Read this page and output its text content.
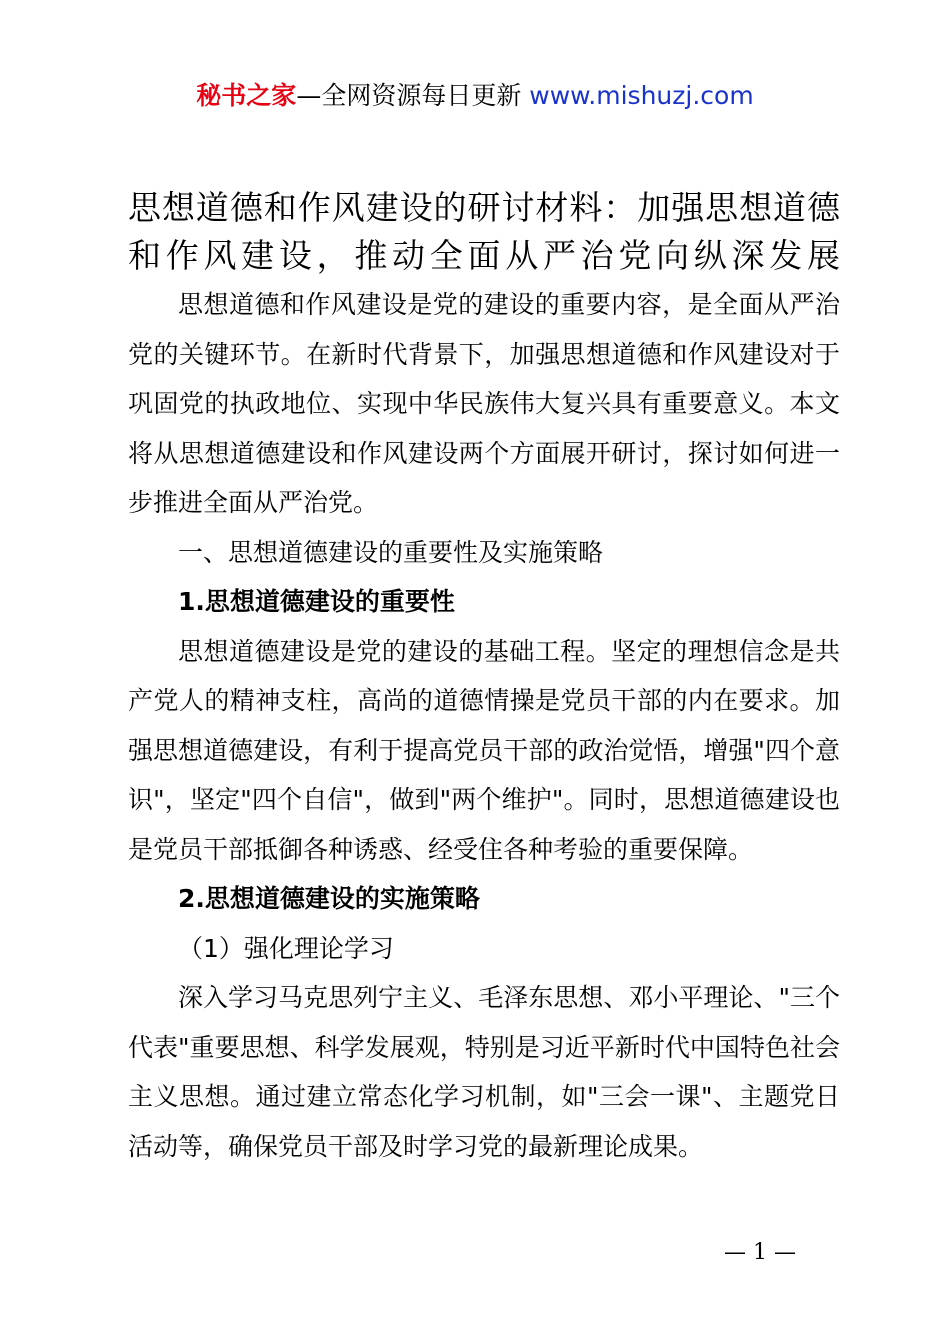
秘书之家—全网资源每日更新 www.mishuzj.com
思想道德和作风建设的研讨材料：加强思想道德和作风建设，推动全面从严治党向纵深发展

思想道德和作风建设是党的建设的重要内容，是全面从严治党的关键环节。在新时代背景下，加强思想道德和作风建设对于巩固党的执政地位、实现中华民族伟大复兴具有重要意义。本文将从思想道德建设和作风建设两个方面展开研讨，探讨如何进一步推进全面从严治党。

一、思想道德建设的重要性及实施策略

1.思想道德建设的重要性

思想道德建设是党的建设的基础工程。坚定的理想信念是共产党人的精神支柱，高尚的道德情操是党员干部的内在要求。加强思想道德建设，有利于提高党员干部的政治觉悟，增强"四个意识"，坚定"四个自信"，做到"两个维护"。同时，思想道德建设也是党员干部抵御各种诱惑、经受住各种考验的重要保障。

2.思想道德建设的实施策略

（1）强化理论学习

深入学习马克思列宁主义、毛泽东思想、邓小平理论、"三个代表"重要思想、科学发展观，特别是习近平新时代中国特色社会主义思想。通过建立常态化学习机制，如"三会一课"、主题党日活动等，确保党员干部及时学习党的最新理论成果。

— 1 —
